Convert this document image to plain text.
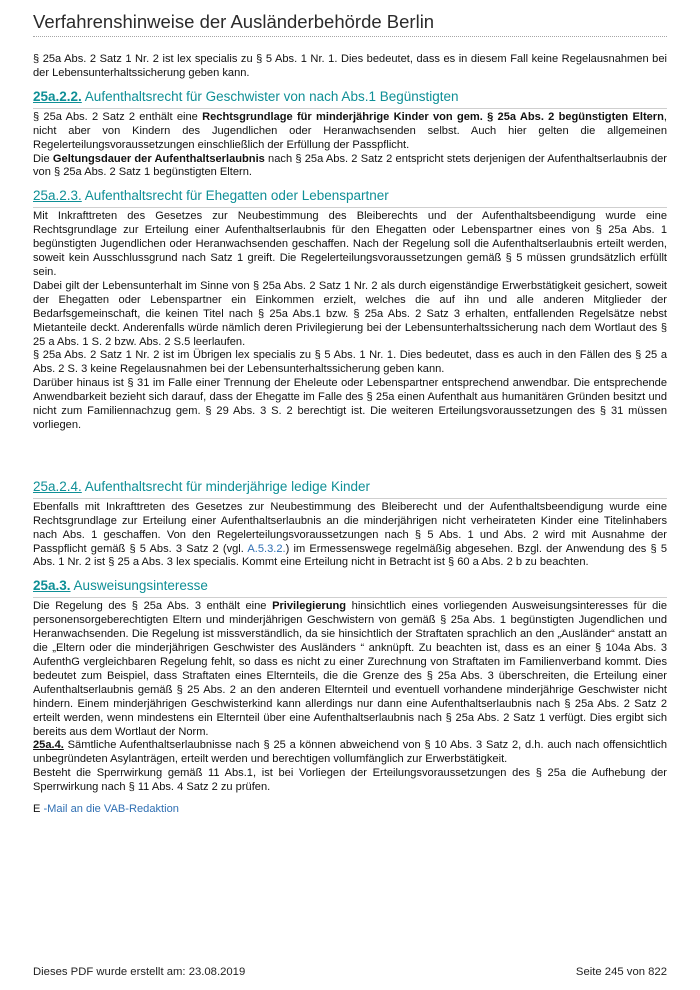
Verfahrenshinweise der Ausländerbehörde Berlin

§ 25a Abs. 2 Satz 1 Nr. 2 ist lex specialis zu § 5 Abs. 1 Nr. 1. Dies bedeutet, dass es in diesem Fall keine Regelausnahmen bei der Lebensunterhaltssicherung geben kann.

25a.2.2. Aufenthaltsrecht für Geschwister von nach Abs.1 Begünstigten

§ 25a Abs. 2 Satz 2 enthält eine Rechtsgrundlage für minderjährige Kinder von gem. § 25a Abs. 2 begünstigten Eltern, nicht aber von Kindern des Jugendlichen oder Heranwachsenden selbst. Auch hier gelten die allgemeinen Regelerteilungsvoraussetzungen einschließlich der Erfüllung der Passpflicht.

Die Geltungsdauer der Aufenthaltserlaubnis nach § 25a Abs. 2 Satz 2 entspricht stets derjenigen der Aufenthaltserlaubnis der von § 25a Abs. 2 Satz 1 begünstigten Eltern.

25a.2.3. Aufenthaltsrecht für Ehegatten oder Lebenspartner

Mit Inkrafttreten des Gesetzes zur Neubestimmung des Bleiberechts und der Aufenthaltsbeendigung wurde eine Rechtsgrundlage zur Erteilung einer Aufenthaltserlaubnis für den Ehegatten oder Lebenspartner eines von § 25a Abs. 1 begünstigten Jugendlichen oder Heranwachsenden geschaffen. Nach der Regelung soll die Aufenthaltserlaubnis erteilt werden, soweit kein Ausschlussgrund nach Satz 1 greift. Die Regelerteilungsvoraussetzungen gemäß § 5 müssen grundsätzlich erfüllt sein.

Dabei gilt der Lebensunterhalt im Sinne von § 25a Abs. 2 Satz 1 Nr. 2 als durch eigenständige Erwerbstätigkeit gesichert, soweit der Ehegatten oder Lebenspartner ein Einkommen erzielt, welches die auf ihn und alle anderen Mitglieder der Bedarfsgemeinschaft, die keinen Titel nach § 25a Abs.1 bzw. § 25a Abs. 2 Satz 3 erhalten, entfallenden Regelsätze nebst Mietanteile deckt. Anderenfalls würde nämlich deren Privilegierung bei der Lebensunterhaltssicherung nach dem Wortlaut des § 25 a Abs. 1 S. 2 bzw. Abs. 2 S.5 leerlaufen.

§ 25a Abs. 2 Satz 1 Nr. 2 ist im Übrigen lex specialis zu § 5 Abs. 1 Nr. 1. Dies bedeutet, dass es auch in den Fällen des § 25 a Abs. 2 S. 3 keine Regelausnahmen bei der Lebensunterhaltssicherung geben kann.

Darüber hinaus ist § 31 im Falle einer Trennung der Eheleute oder Lebenspartner entsprechend anwendbar. Die entsprechende Anwendbarkeit bezieht sich darauf, dass der Ehegatte im Falle des § 25a einen Aufenthalt aus humanitären Gründen besitzt und nicht zum Familiennachzug gem. § 29 Abs. 3 S. 2 berechtigt ist. Die weiteren Erteilungsvoraussetzungen des § 31 müssen vorliegen.

25a.2.4. Aufenthaltsrecht für minderjährige ledige Kinder

Ebenfalls mit Inkrafttreten des Gesetzes zur Neubestimmung des Bleiberecht und der Aufenthaltsbeendigung wurde eine Rechtsgrundlage zur Erteilung einer Aufenthaltserlaubnis an die minderjährigen nicht verheirateten Kinder eine Titelinhabers nach Abs. 1 geschaffen. Von den Regelerteilungsvoraussetzungen nach § 5 Abs. 1 und Abs. 2 wird mit Ausnahme der Passpflicht gemäß § 5 Abs. 3 Satz 2 (vgl. A.5.3.2.) im Ermessenswege regelmäßig abgesehen. Bzgl. der Anwendung des § 5 Abs. 1 Nr. 2 ist § 25 a Abs. 3 lex specialis. Kommt eine Erteilung nicht in Betracht ist § 60 a Abs. 2 b zu beachten.

25a.3. Ausweisungsinteresse

Die Regelung des § 25a Abs. 3 enthält eine Privilegierung hinsichtlich eines vorliegenden Ausweisungsinteresses für die personensorgeberechtigten Eltern und minderjährigen Geschwistern von gemäß § 25a Abs. 1 begünstigten Jugendlichen und Heranwachsenden. Die Regelung ist missverständlich, da sie hinsichtlich der Straftaten sprachlich an den „Ausländer“ anstatt an die „Eltern oder die minderjährigen Geschwister des Ausländers “ anknüpft. Zu beachten ist, dass es an einer § 104a Abs. 3 AufenthG vergleichbaren Regelung fehlt, so dass es nicht zu einer Zurechnung von Straftaten im Familienverband kommt. Dies bedeutet zum Beispiel, dass Straftaten eines Elternteils, die die Grenze des § 25a Abs. 3 überschreiten, die Erteilung einer Aufenthaltserlaubnis gemäß § 25 Abs. 2 an den anderen Elternteil und eventuell vorhandene minderjährige Geschwister nicht hindern. Einem minderjährigen Geschwisterkind kann allerdings nur dann eine Aufenthaltserlaubnis nach § 25a Abs. 2 Satz 2 erteilt werden, wenn mindestens ein Elternteil über eine Aufenthaltserlaubnis nach § 25a Abs. 2 Satz 1 verfügt. Dies ergibt sich bereits aus dem Wortlaut der Norm.

25a.4. Sämtliche Aufenthaltserlaubnisse nach § 25 a können abweichend von § 10 Abs. 3 Satz 2, d.h. auch nach offensichtlich unbegründeten Asylanträgen, erteilt werden und berechtigen vollumfänglich zur Erwerbstätigkeit.

Besteht die Sperrwirkung gemäß 11 Abs.1, ist bei Vorliegen der Erteilungsvoraussetzungen des § 25a die Aufhebung der Sperrwirkung nach § 11 Abs. 4 Satz 2 zu prüfen.

E -Mail an die VAB-Redaktion

Dieses PDF wurde erstellt am: 23.08.2019	Seite 245 von 822
